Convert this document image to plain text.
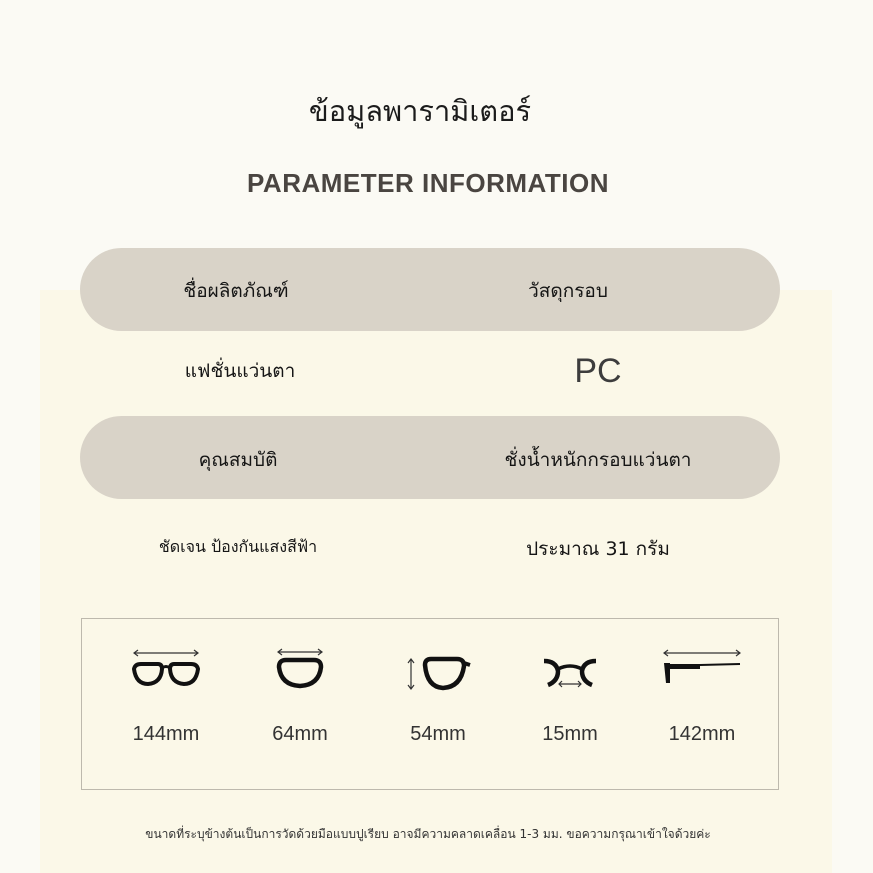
ข้อมูลพารามิเตอร์
PARAMETER INFORMATION
ชื่อผลิตภัณฑ์	วัสดุกรอบ
แฟชั่นแว่นตา	PC
คุณสมบัติ	ชั่งน้ำหนักกรอบแว่นตา
ชัดเจน ป้องกันแสงสีฟ้า	ประมาณ 31 กรัม
144mm	64mm	54mm	15mm	142mm
ขนาดที่ระบุข้างต้นเป็นการวัดด้วยมือแบบปูเรียบ อาจมีความคลาดเคลื่อน 1-3 มม. ขอความกรุณาเข้าใจด้วยค่ะ
